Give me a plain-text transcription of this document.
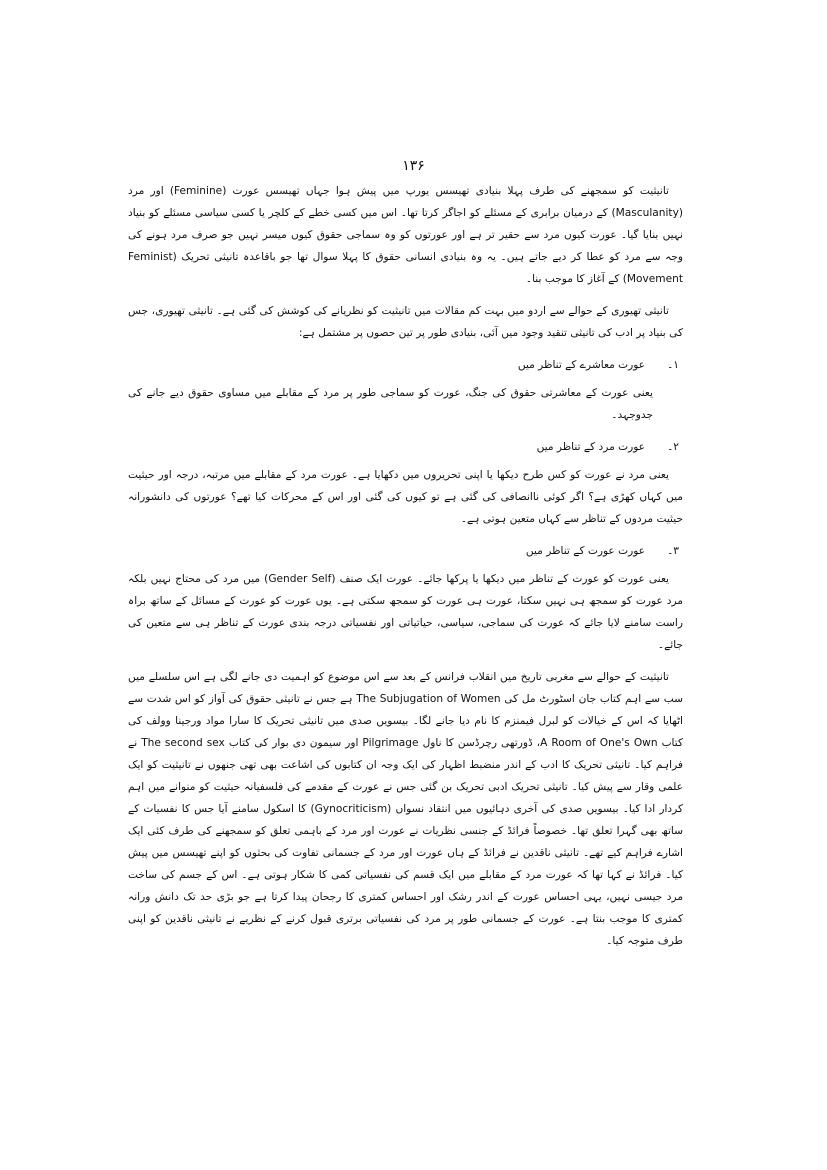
۱۳۶

تانیثیت کو سمجھنے کی طرف پہلا بنیادی تھیسس یورپ میں پیش ہوا جہاں تھیسس عورت (Feminine) اور مرد (Masculanity) کے درمیان برابری کے مسئلے کو اجاگر کرتا تھا۔ اس میں کسی خطے کے کلچر یا کسی سیاسی مسئلے کو بنیاد نہیں بنایا گیا۔ عورت کیوں مرد سے حقیر تر ہے اور عورتوں کو وہ سماجی حقوق کیوں میسر نہیں جو صرف مرد ہونے کی وجہ سے مرد کو عطا کر دیے جاتے ہیں۔ یہ وہ بنیادی انسانی حقوق کا پہلا سوال تھا جو باقاعدہ تانیثی تحریک (Feminist Movement) کے آغاز کا موجب بنا۔

تانیثی تھیوری کے حوالے سے اردو میں بہت کم مقالات میں تانیثیت کو نظریانے کی کوشش کی گئی ہے۔ تانیثی تھیوری، جس کی بنیاد پر ادب کی تانیثی تنقید وجود میں آئی، بنیادی طور پر تین حصوں پر مشتمل ہے:

۱۔
عورت معاشرے کے تناظر میں

یعنی عورت کے معاشرتی حقوق کی جنگ، عورت کو سماجی طور پر مرد کے مقابلے میں مساوی حقوق دیے جانے کی جدوجہد۔

۲۔
عورت مرد کے تناظر میں

یعنی مرد نے عورت کو کس طرح دیکھا یا اپنی تحریروں میں دکھایا ہے۔ عورت مرد کے مقابلے میں مرتبہ، درجہ اور حیثیت میں کہاں کھڑی ہے؟ اگر کوئی ناانصافی کی گئی ہے تو کیوں کی گئی اور اس کے محرکات کیا تھے؟ عورتوں کی دانشورانہ حیثیت مردوں کے تناظر سے کہاں متعین ہوتی ہے۔

۳۔
عورت عورت کے تناظر میں

یعنی عورت کو عورت کے تناظر میں دیکھا یا پرکھا جائے۔ عورت ایک صنف (Gender Self) میں مرد کی محتاج نہیں بلکہ مرد عورت کو سمجھ ہی نہیں سکتا، عورت ہی عورت کو سمجھ سکتی ہے۔ یوں عورت کو عورت کے مسائل کے ساتھ براہ راست سامنے لایا جائے کہ عورت کی سماجی، سیاسی، حیاتیاتی اور نفسیاتی درجہ بندی عورت کے تناظر ہی سے متعین کی جائے۔

تانیثیت کے حوالے سے مغربی تاریخ میں انقلاب فرانس کے بعد سے اس موضوع کو اہمیت دی جانے لگی ہے اس سلسلے میں سب سے اہم کتاب جان اسٹورٹ مل کی The Subjugation of Women ہے جس نے تانیثی حقوق کی آواز کو اس شدت سے اٹھایا کہ اس کے خیالات کو لبرل فیمنزم کا نام دیا جانے لگا۔ بیسویں صدی میں تانیثی تحریک کا سارا مواد ورجینا وولف کی کتاب A Room of One's Own، ڈورتھی رچرڈسن کا ناول Pilgrimage اور سیمون دی بوار کی کتاب The second sex نے فراہم کیا۔ تانیثی تحریک کا ادب کے اندر منضبط اظہار کی ایک وجہ ان کتابوں کی اشاعت بھی تھی جنھوں نے تانیثیت کو ایک علمی وقار سے پیش کیا۔ تانیثی تحریک ادبی تحریک بن گئی جس نے عورت کے مقدمے کی فلسفیانہ حیثیت کو منوانے میں اہم کردار ادا کیا۔ بیسویں صدی کی آخری دہائیوں میں انتقاد نسواں (Gynocriticism) کا اسکول سامنے آیا جس کا نفسیات کے ساتھ بھی گہرا تعلق تھا۔ خصوصاً فرائڈ کے جنسی نظریات نے عورت اور مرد کے باہمی تعلق کو سمجھنے کی طرف کئی ایک اشارے فراہم کیے تھے۔ تانیثی ناقدین نے فرائڈ کے ہاں عورت اور مرد کے جسمانی تفاوت کی بحثوں کو اپنے تھیسس میں پیش کیا۔ فرائڈ نے کہا تھا کہ عورت مرد کے مقابلے میں ایک قسم کی نفسیاتی کمی کا شکار ہوتی ہے۔ اس کے جسم کی ساخت مرد جیسی نہیں، یہی احساس عورت کے اندر رشک اور احساس کمتری کا رجحان پیدا کرتا ہے جو بڑی حد تک دانش ورانہ کمتری کا موجب بنتا ہے۔ عورت کے جسمانی طور پر مرد کی نفسیاتی برتری قبول کرنے کے نظریے نے تانیثی ناقدین کو اپنی طرف متوجہ کیا۔
